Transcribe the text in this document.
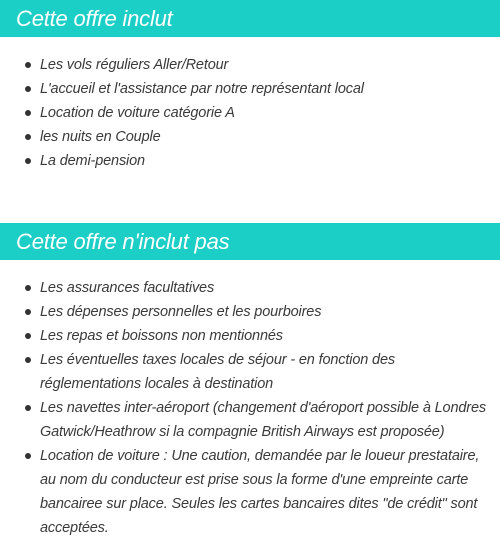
Cette offre inclut
Les vols réguliers Aller/Retour
L'accueil et l'assistance par notre représentant local
Location de voiture catégorie A
les nuits en Couple
La demi-pension
Cette offre n'inclut pas
Les assurances facultatives
Les dépenses personnelles et les pourboires
Les repas et boissons non mentionnés
Les éventuelles taxes locales de séjour - en fonction des réglementations locales à destination
Les navettes inter-aéroport (changement d'aéroport possible à Londres Gatwick/Heathrow si la compagnie British Airways est proposée)
Location de voiture : Une caution, demandée par le loueur prestataire, au nom du conducteur est prise sous la forme d'une empreinte carte bancairee sur place. Seules les cartes bancaires dites "de crédit" sont acceptées.
